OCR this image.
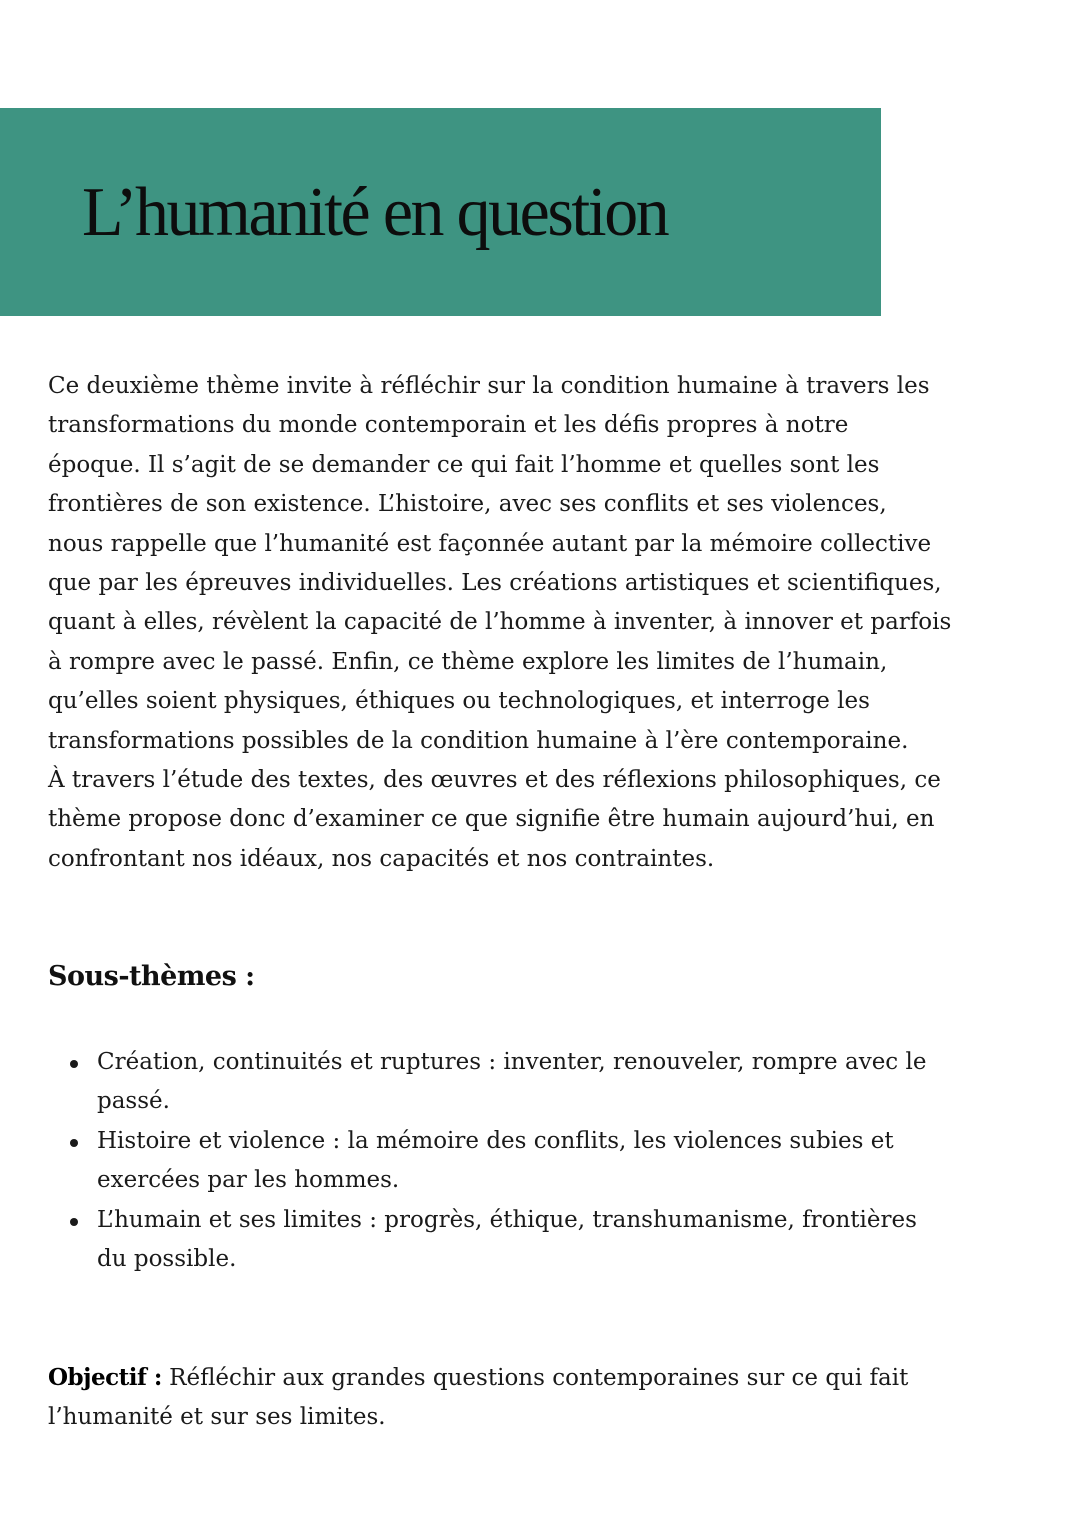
L’humanité en question
Ce deuxième thème invite à réfléchir sur la condition humaine à travers les
transformations du monde contemporain et les défis propres à notre
époque. Il s’agit de se demander ce qui fait l’homme et quelles sont les
frontières de son existence. L’histoire, avec ses conflits et ses violences,
nous rappelle que l’humanité est façonnée autant par la mémoire collective
que par les épreuves individuelles. Les créations artistiques et scientifiques,
quant à elles, révèlent la capacité de l’homme à inventer, à innover et parfois
à rompre avec le passé. Enfin, ce thème explore les limites de l’humain,
qu’elles soient physiques, éthiques ou technologiques, et interroge les
transformations possibles de la condition humaine à l’ère contemporaine.
À travers l’étude des textes, des œuvres et des réflexions philosophiques, ce
thème propose donc d’examiner ce que signifie être humain aujourd’hui, en
confrontant nos idéaux, nos capacités et nos contraintes.
Sous-thèmes :
Création, continuités et ruptures : inventer, renouveler, rompre avec le
passé.
Histoire et violence : la mémoire des conflits, les violences subies et
exercées par les hommes.
L’humain et ses limites : progrès, éthique, transhumanisme, frontières
du possible.
Objectif : Réfléchir aux grandes questions contemporaines sur ce qui fait
l’humanité et sur ses limites.
